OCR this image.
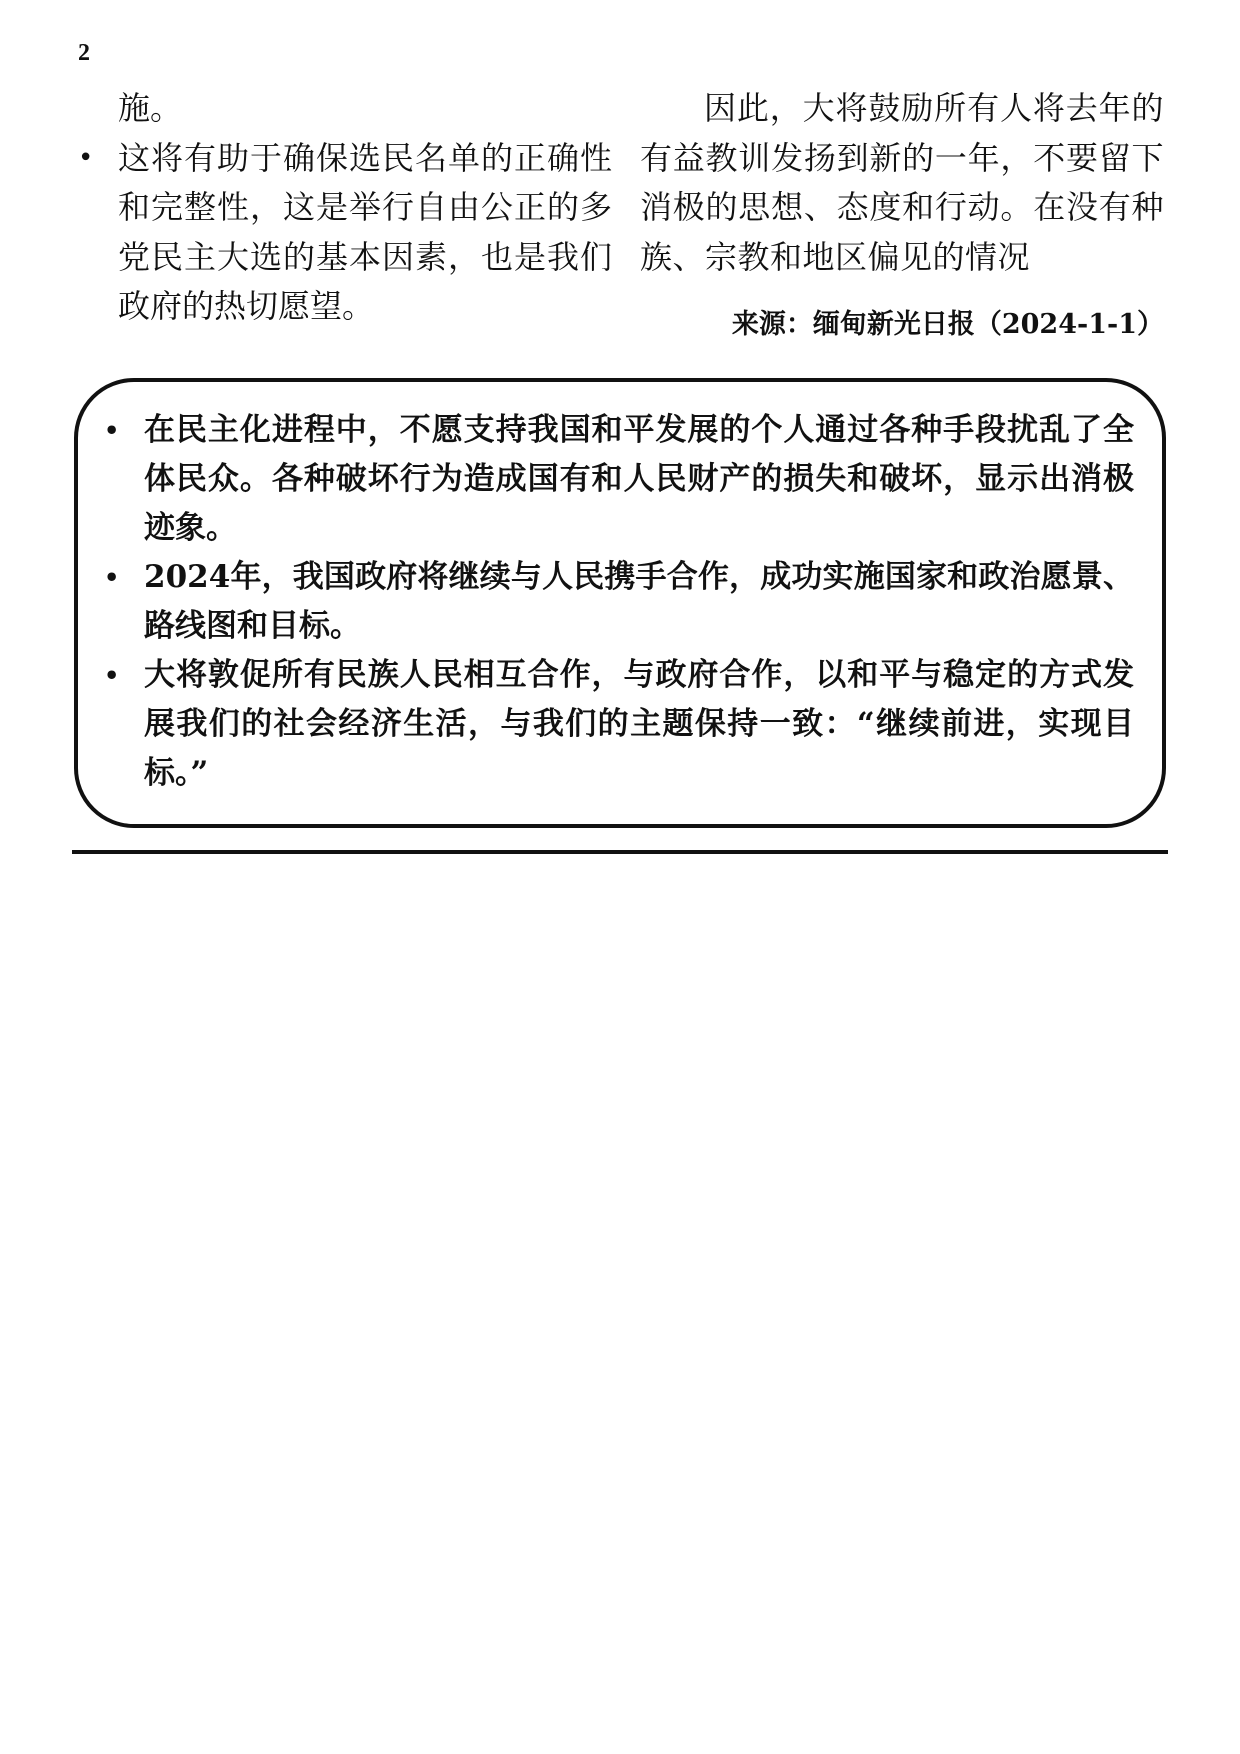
2

施。

• 这将有助于确保选民名单的正确性和完整性，这是举行自由公正的多党民主大选的基本因素，也是我们政府的热切愿望。

因此，大将鼓励所有人将去年的有益教训发扬到新的一年，不要留下消极的思想、态度和行动。在没有种族、宗教和地区偏见的情况

来源：缅甸新光日报（2024-1-1）
• 在民主化进程中，不愿支持我国和平发展的个人通过各种手段扰乱了全体民众。各种破坏行为造成国有和人民财产的损失和破坏，显示出消极迹象。
• 2024年，我国政府将继续与人民携手合作，成功实施国家和政治愿景、路线图和目标。
• 大将敦促所有民族人民相互合作，与政府合作，以和平与稳定的方式发展我们的社会经济生活，与我们的主题保持一致：“继续前进，实现目标。”
